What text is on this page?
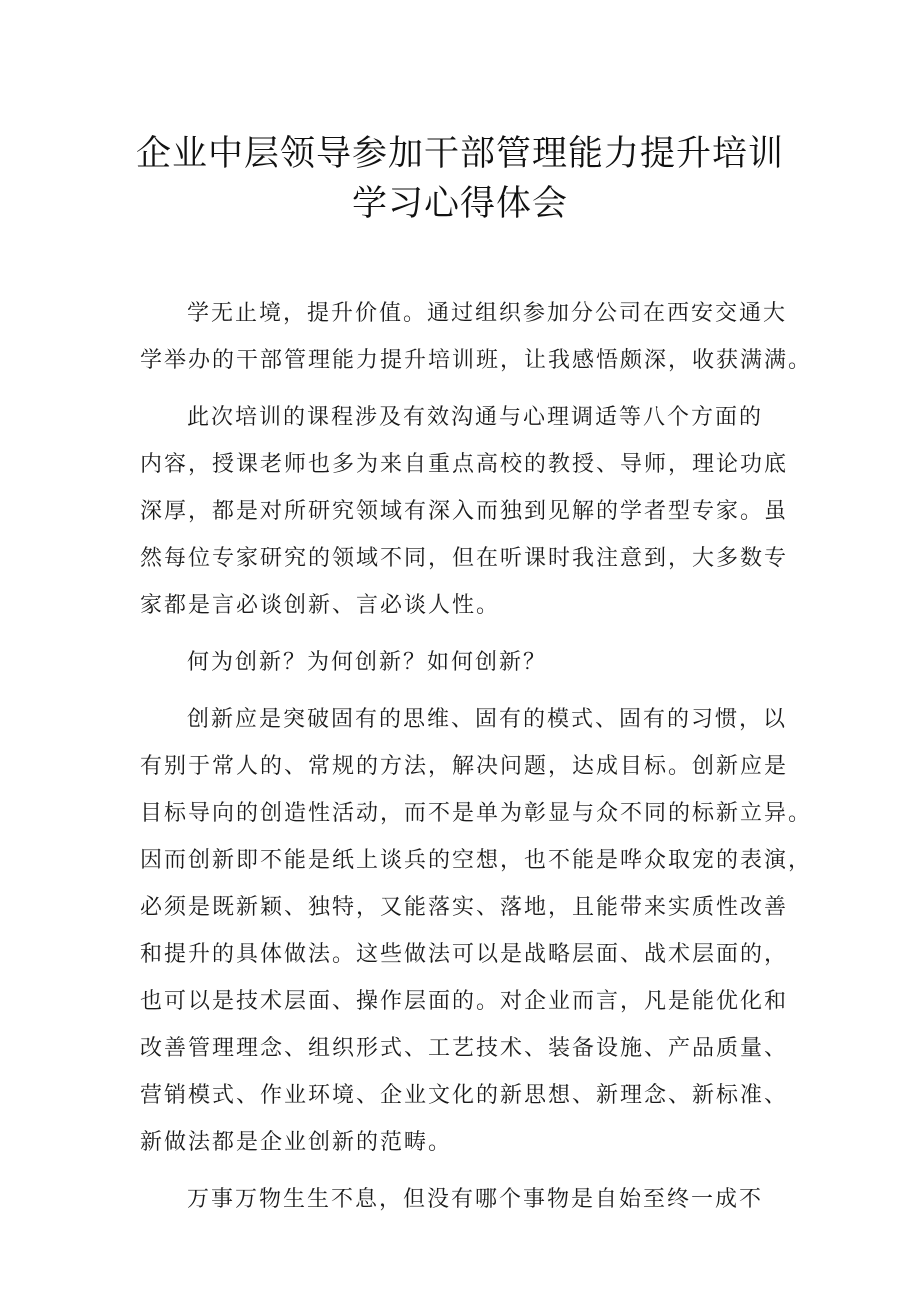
企业中层领导参加干部管理能力提升培训
学习心得体会
学无止境，提升价值。通过组织参加分公司在西安交通大
学举办的干部管理能力提升培训班，让我感悟颇深，收获满满。
此次培训的课程涉及有效沟通与心理调适等八个方面的
内容，授课老师也多为来自重点高校的教授、导师，理论功底
深厚，都是对所研究领域有深入而独到见解的学者型专家。虽
然每位专家研究的领域不同，但在听课时我注意到，大多数专
家都是言必谈创新、言必谈人性。
何为创新？为何创新？如何创新？
创新应是突破固有的思维、固有的模式、固有的习惯，以
有别于常人的、常规的方法，解决问题，达成目标。创新应是
目标导向的创造性活动，而不是单为彰显与众不同的标新立异。
因而创新即不能是纸上谈兵的空想，也不能是哗众取宠的表演，
必须是既新颖、独特，又能落实、落地，且能带来实质性改善
和提升的具体做法。这些做法可以是战略层面、战术层面的，
也可以是技术层面、操作层面的。对企业而言，凡是能优化和
改善管理理念、组织形式、工艺技术、装备设施、产品质量、
营销模式、作业环境、企业文化的新思想、新理念、新标准、
新做法都是企业创新的范畴。
万事万物生生不息，但没有哪个事物是自始至终一成不
